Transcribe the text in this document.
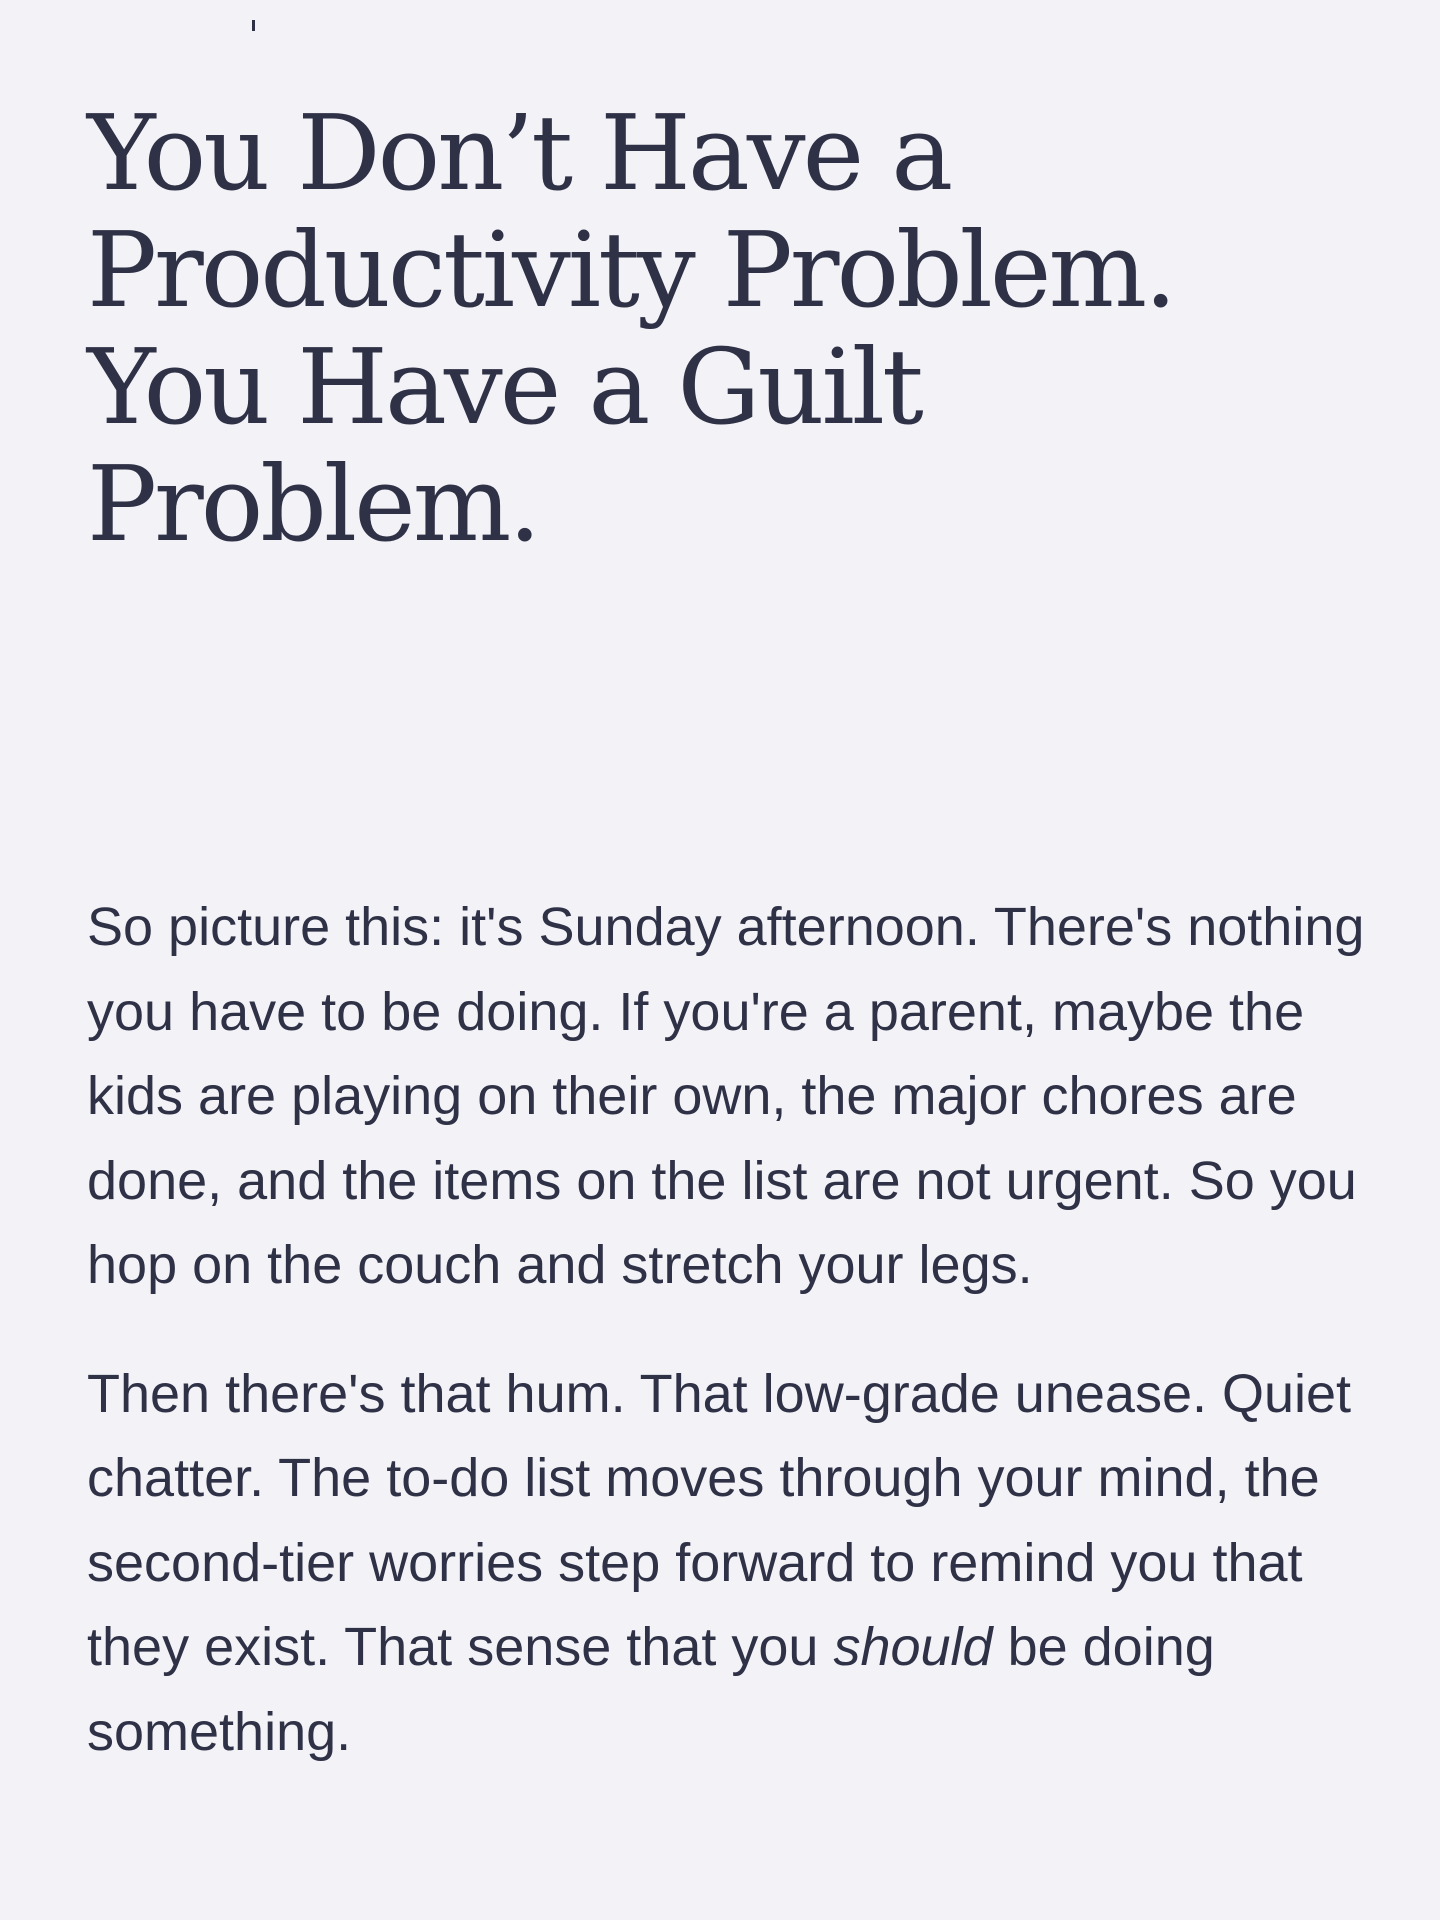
You Don’t Have a Productivity Problem. You Have a Guilt Problem.

So picture this: it's Sunday afternoon. There's nothing you have to be doing. If you're a parent, maybe the kids are playing on their own, the major chores are done, and the items on the list are not urgent. So you hop on the couch and stretch your legs.

Then there's that hum. That low-grade unease. Quiet chatter. The to-do list moves through your mind, the second-tier worries step forward to remind you that they exist. That sense that you should be doing something.
